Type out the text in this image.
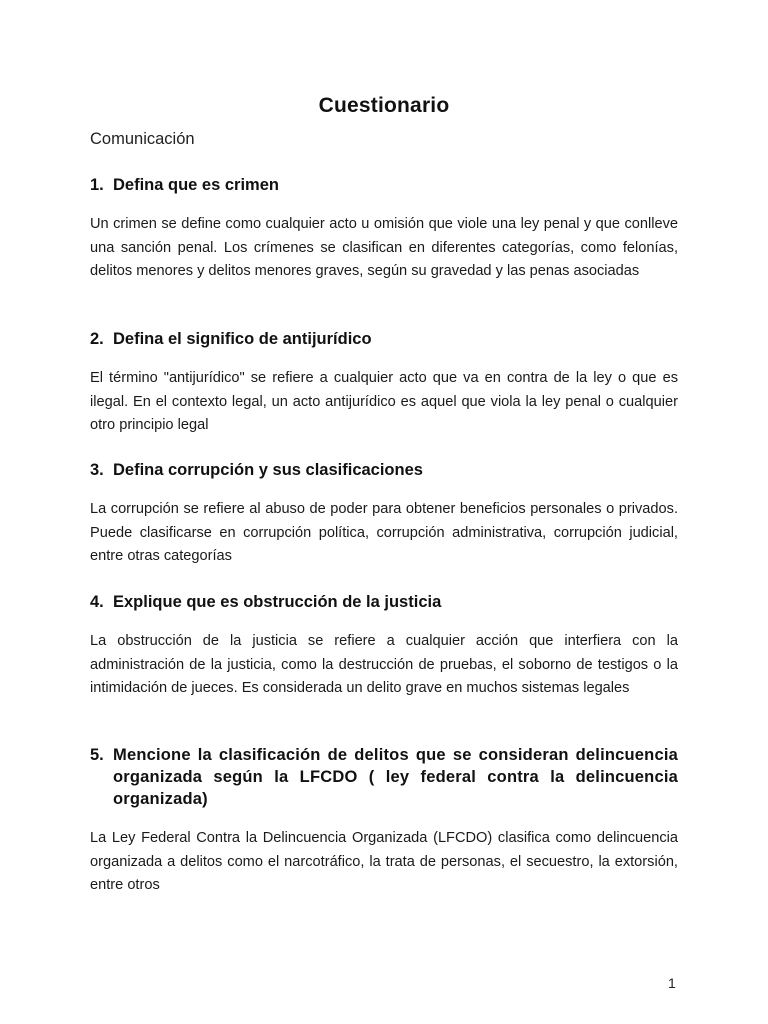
Cuestionario
Comunicación
1. Defina que es crimen

Un crimen se define como cualquier acto u omisión que viole una ley penal y que conlleve una sanción penal. Los crímenes se clasifican en diferentes categorías, como felonías, delitos menores y delitos menores graves, según su gravedad y las penas asociadas

2. Defina el significo de antijurídico

El término "antijurídico" se refiere a cualquier acto que va en contra de la ley o que es ilegal. En el contexto legal, un acto antijurídico es aquel que viola la ley penal o cualquier otro principio legal

3. Defina corrupción y sus clasificaciones

La corrupción se refiere al abuso de poder para obtener beneficios personales o privados. Puede clasificarse en corrupción política, corrupción administrativa, corrupción judicial, entre otras categorías

4. Explique que es obstrucción de la justicia

La obstrucción de la justicia se refiere a cualquier acción que interfiera con la administración de la justicia, como la destrucción de pruebas, el soborno de testigos o la intimidación de jueces. Es considerada un delito grave en muchos sistemas legales

5. Mencione la clasificación de delitos que se consideran delincuencia organizada según la LFCDO ( ley federal contra la delincuencia organizada)

La Ley Federal Contra la Delincuencia Organizada (LFCDO) clasifica como delincuencia organizada a delitos como el narcotráfico, la trata de personas, el secuestro, la extorsión, entre otros

1
